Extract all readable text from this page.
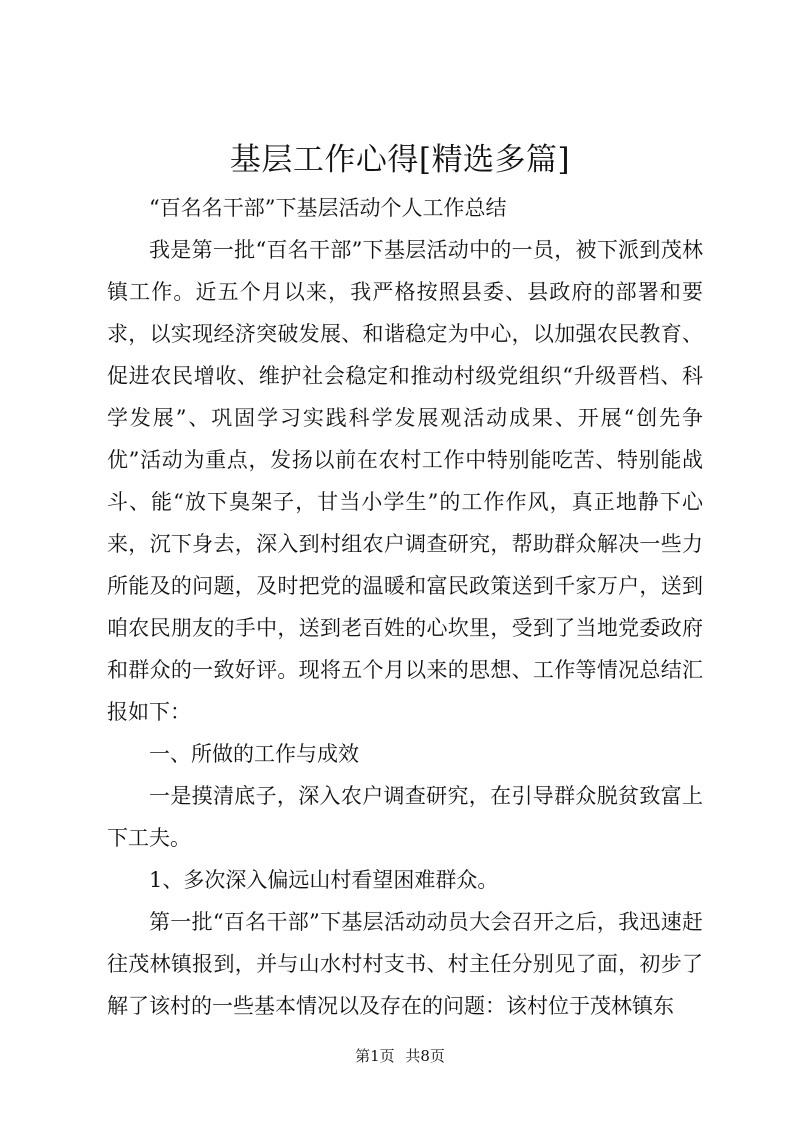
基层工作心得[精选多篇]

“百名名干部”下基层活动个人工作总结

我是第一批“百名干部”下基层活动中的一员，被下派到茂林镇工作。近五个月以来，我严格按照县委、县政府的部署和要求，以实现经济突破发展、和谐稳定为中心，以加强农民教育、促进农民增收、维护社会稳定和推动村级党组织“升级晋档、科学发展”、巩固学习实践科学发展观活动成果、开展“创先争优”活动为重点，发扬以前在农村工作中特别能吃苦、特别能战斗、能“放下臭架子，甘当小学生”的工作作风，真正地静下心来，沉下身去，深入到村组农户调查研究，帮助群众解决一些力所能及的问题，及时把党的温暖和富民政策送到千家万户，送到咱农民朋友的手中，送到老百姓的心坎里，受到了当地党委政府和群众的一致好评。现将五个月以来的思想、工作等情况总结汇报如下：

一、所做的工作与成效

一是摸清底子，深入农户调查研究，在引导群众脱贫致富上下工夫。

1、多次深入偏远山村看望困难群众。

第一批“百名干部”下基层活动动员大会召开之后，我迅速赶往茂林镇报到，并与山水村村支书、村主任分别见了面，初步了解了该村的一些基本情况以及存在的问题：该村位于茂林镇东

第1页 共8页
